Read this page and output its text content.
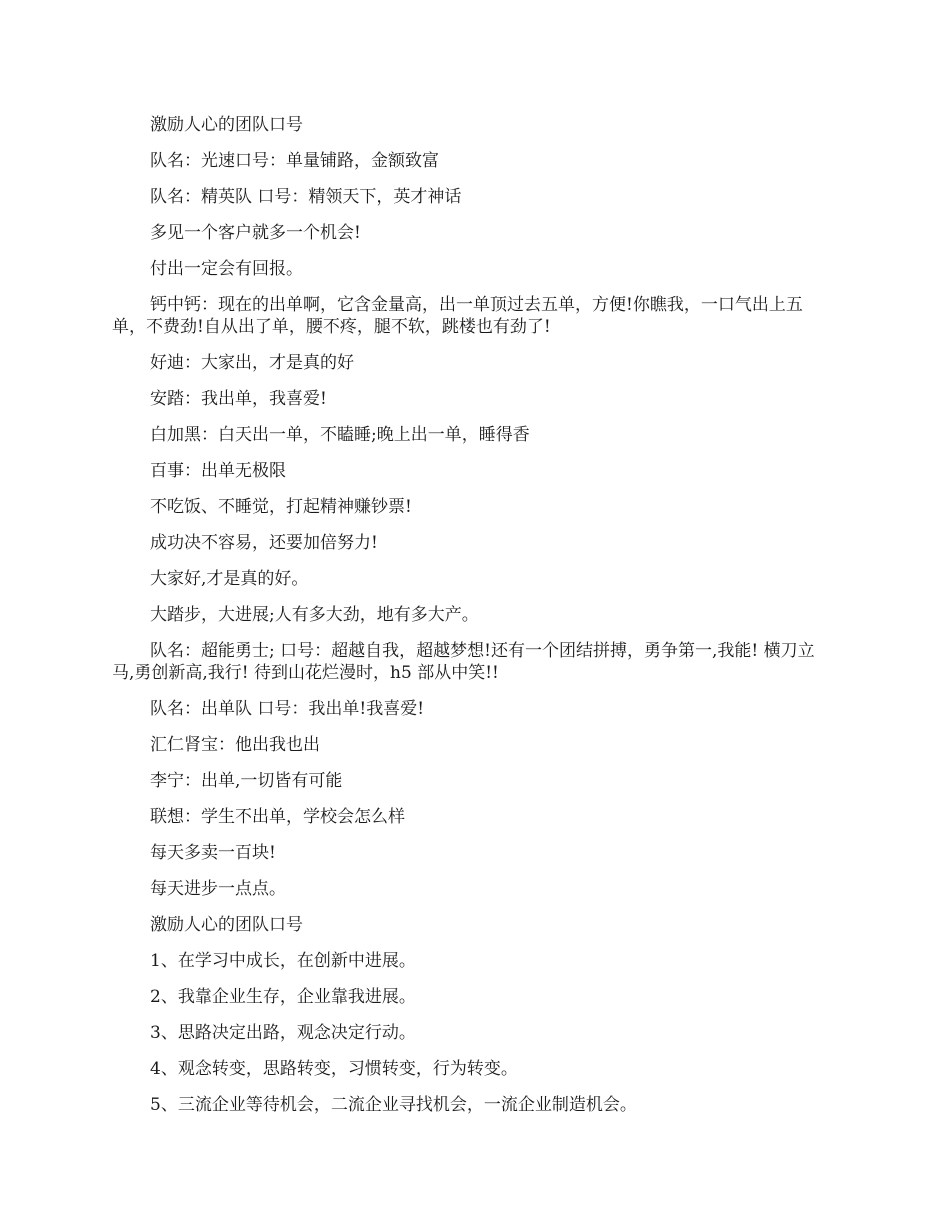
激励人心的团队口号

队名：光速口号：单量铺路，金额致富

队名：精英队 口号：精领天下，英才神话

多见一个客户就多一个机会!

付出一定会有回报。

钙中钙：现在的出单啊，它含金量高，出一单顶过去五单，方便!你瞧我，一口气出上五单，不费劲!自从出了单，腰不疼，腿不软，跳楼也有劲了!

好迪：大家出，才是真的好

安踏：我出单，我喜爱!

白加黑：白天出一单，不瞌睡;晚上出一单，睡得香

百事：出单无极限

不吃饭、不睡觉，打起精神赚钞票!

成功决不容易，还要加倍努力!

大家好,才是真的好。

大踏步，大进展;人有多大劲，地有多大产。

队名：超能勇士; 口号：超越自我，超越梦想!还有一个团结拼搏，勇争第一,我能! 横刀立马,勇创新高,我行! 待到山花烂漫时，h5 部从中笑!!

队名：出单队 口号：我出单!我喜爱!

汇仁肾宝：他出我也出

李宁：出单,一切皆有可能

联想：学生不出单，学校会怎么样

每天多卖一百块!

每天进步一点点。

激励人心的团队口号

1、在学习中成长，在创新中进展。

2、我靠企业生存，企业靠我进展。

3、思路决定出路，观念决定行动。

4、观念转变，思路转变，习惯转变，行为转变。

5、三流企业等待机会，二流企业寻找机会，一流企业制造机会。
